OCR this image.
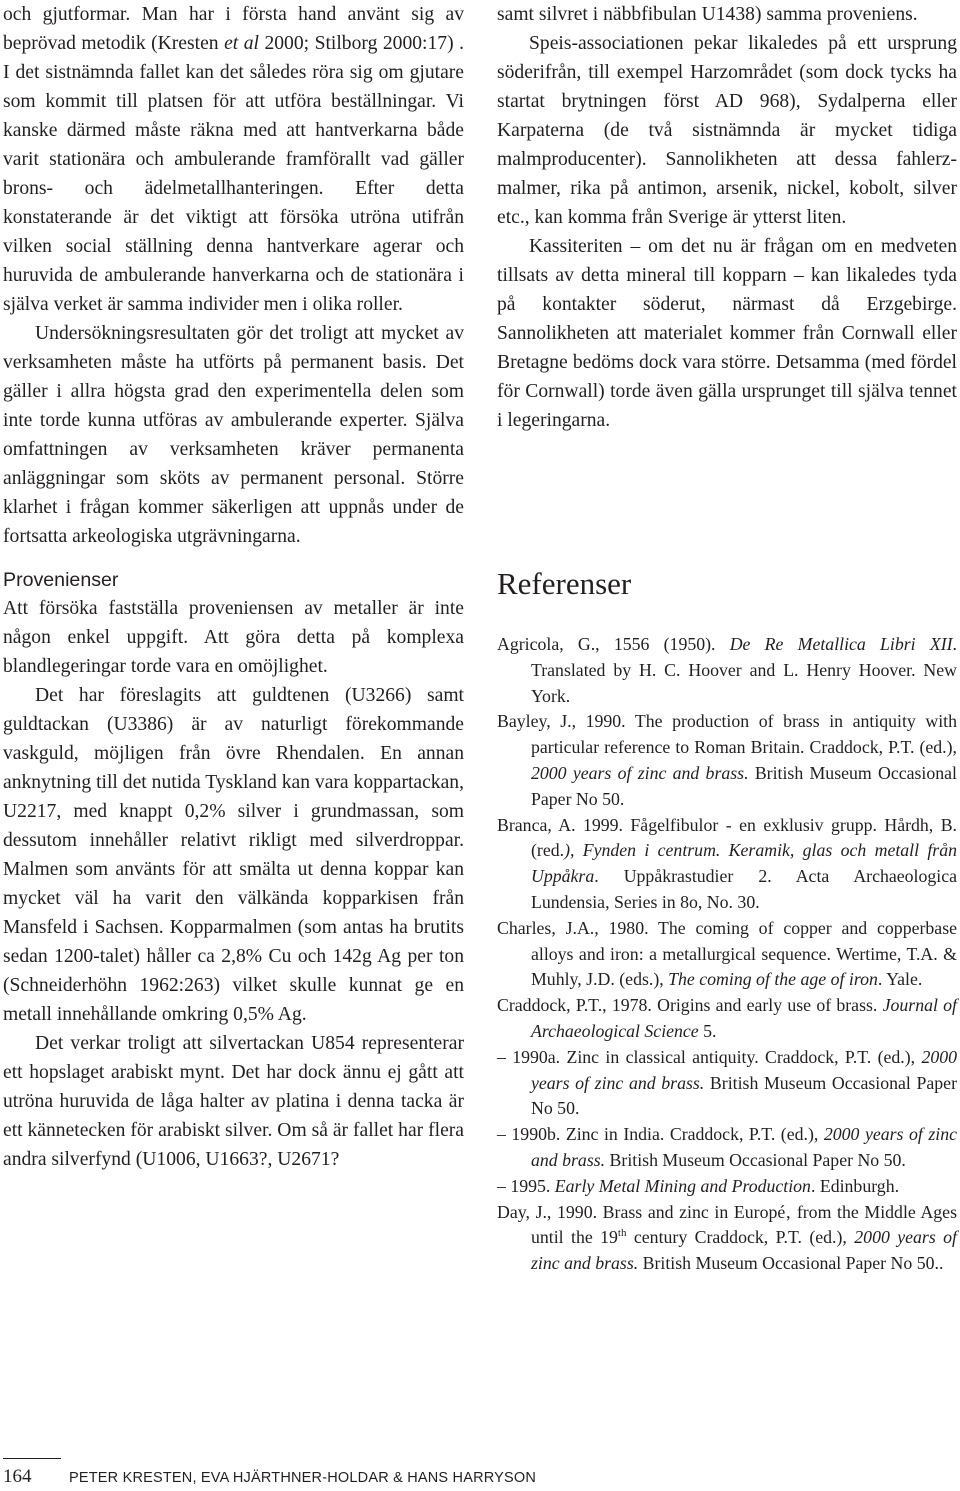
och gjutformar. Man har i första hand använt sig av beprövad metodik (Kresten et al 2000; Stilborg 2000:17) . I det sistnämnda fallet kan det således röra sig om gjutare som kommit till platsen för att utföra beställningar. Vi kanske därmed måste räkna med att hantverkarna både varit stationära och ambulerande framförallt vad gäller brons- och ädelmetallhanteringen. Efter detta konstaterande är det viktigt att försöka utröna utifrån vilken social ställning denna hantverkare agerar och huruvida de ambulerande hanverkarna och de stationära i själva verket är samma individer men i olika roller.

Undersökningsresultaten gör det troligt att mycket av verksamheten måste ha utförts på permanent basis. Det gäller i allra högsta grad den experimentella delen som inte torde kunna utföras av ambulerande experter. Själva omfattningen av verksamheten kräver permanenta anläggningar som sköts av permanent personal. Större klarhet i frågan kommer säkerligen att uppnås under de fortsatta arkeologiska utgrävningarna.

Provenienser

Att försöka fastställa proveniensen av metaller är inte någon enkel uppgift. Att göra detta på komplexa blandlegeringar torde vara en omöjlighet.

Det har föreslagits att guldtenen (U3266) samt guldtackan (U3386) är av naturligt förekommande vaskguld, möjligen från övre Rhendalen. En annan anknytning till det nutida Tyskland kan vara koppartackan, U2217, med knappt 0,2% silver i grundmassan, som dessutom innehåller relativt rikligt med silverdroppar. Malmen som använts för att smälta ut denna koppar kan mycket väl ha varit den välkända kopparkisen från Mansfeld i Sachsen. Kopparmalmen (som antas ha brutits sedan 1200-talet) håller ca 2,8% Cu och 142g Ag per ton (Schneiderhöhn 1962:263) vilket skulle kunnat ge en metall innehållande omkring 0,5% Ag.

Det verkar troligt att silvertackan U854 representerar ett hopslaget arabiskt mynt. Det har dock ännu ej gått att utröna huruvida de låga halter av platina i denna tacka är ett kännetecken för arabiskt silver. Om så är fallet har flera andra silverfynd (U1006, U1663?, U2671?

samt silvret i näbbfibulan U1438) samma proveniens.

Speis-associationen pekar likaledes på ett ursprung söderifrån, till exempel Harzområdet (som dock tycks ha startat brytningen först AD 968), Sydalperna eller Karpaterna (de två sistnämnda är mycket tidiga malmproducenter). Sannolikheten att dessa fahlerz-malmer, rika på antimon, arsenik, nickel, kobolt, silver etc., kan komma från Sverige är ytterst liten.

Kassiteriten – om det nu är frågan om en medveten tillsats av detta mineral till kopparn – kan likaledes tyda på kontakter söderut, närmast då Erzgebirge. Sannolikheten att materialet kommer från Cornwall eller Bretagne bedöms dock vara större. Detsamma (med fördel för Cornwall) torde även gälla ursprunget till själva tennet i legeringarna.

Referenser

Agricola, G., 1556 (1950). De Re Metallica Libri XII. Translated by H. C. Hoover and L. Henry Hoover. New York.

Bayley, J., 1990. The production of brass in antiquity with particular reference to Roman Britain. Craddock, P.T. (ed.), 2000 years of zinc and brass. British Museum Occasional Paper No 50.

Branca, A. 1999. Fågelfibulor - en exklusiv grupp. Hårdh, B. (red.), Fynden i centrum. Keramik, glas och metall från Uppåkra. Uppåkrastudier 2. Acta Archaeologica Lundensia, Series in 8o, No. 30.

Charles, J.A., 1980. The coming of copper and copperbase alloys and iron: a metallurgical sequence. Wertime, T.A. & Muhly, J.D. (eds.), The coming of the age of iron. Yale.

Craddock, P.T., 1978. Origins and early use of brass. Journal of Archaeological Science 5.

– 1990a. Zinc in classical antiquity. Craddock, P.T. (ed.), 2000 years of zinc and brass. British Museum Occasional Paper No 50.

– 1990b. Zinc in India. Craddock, P.T. (ed.), 2000 years of zinc and brass. British Museum Occasional Paper No 50.

– 1995. Early Metal Mining and Production. Edinburgh.

Day, J., 1990. Brass and zinc in Europé‚ from the Middle Ages until the 19th century Craddock, P.T. (ed.), 2000 years of zinc and brass. British Museum Occasional Paper No 50..

164	PETER KRESTEN, EVA HJÄRTHNER-HOLDAR & HANS HARRYSON
